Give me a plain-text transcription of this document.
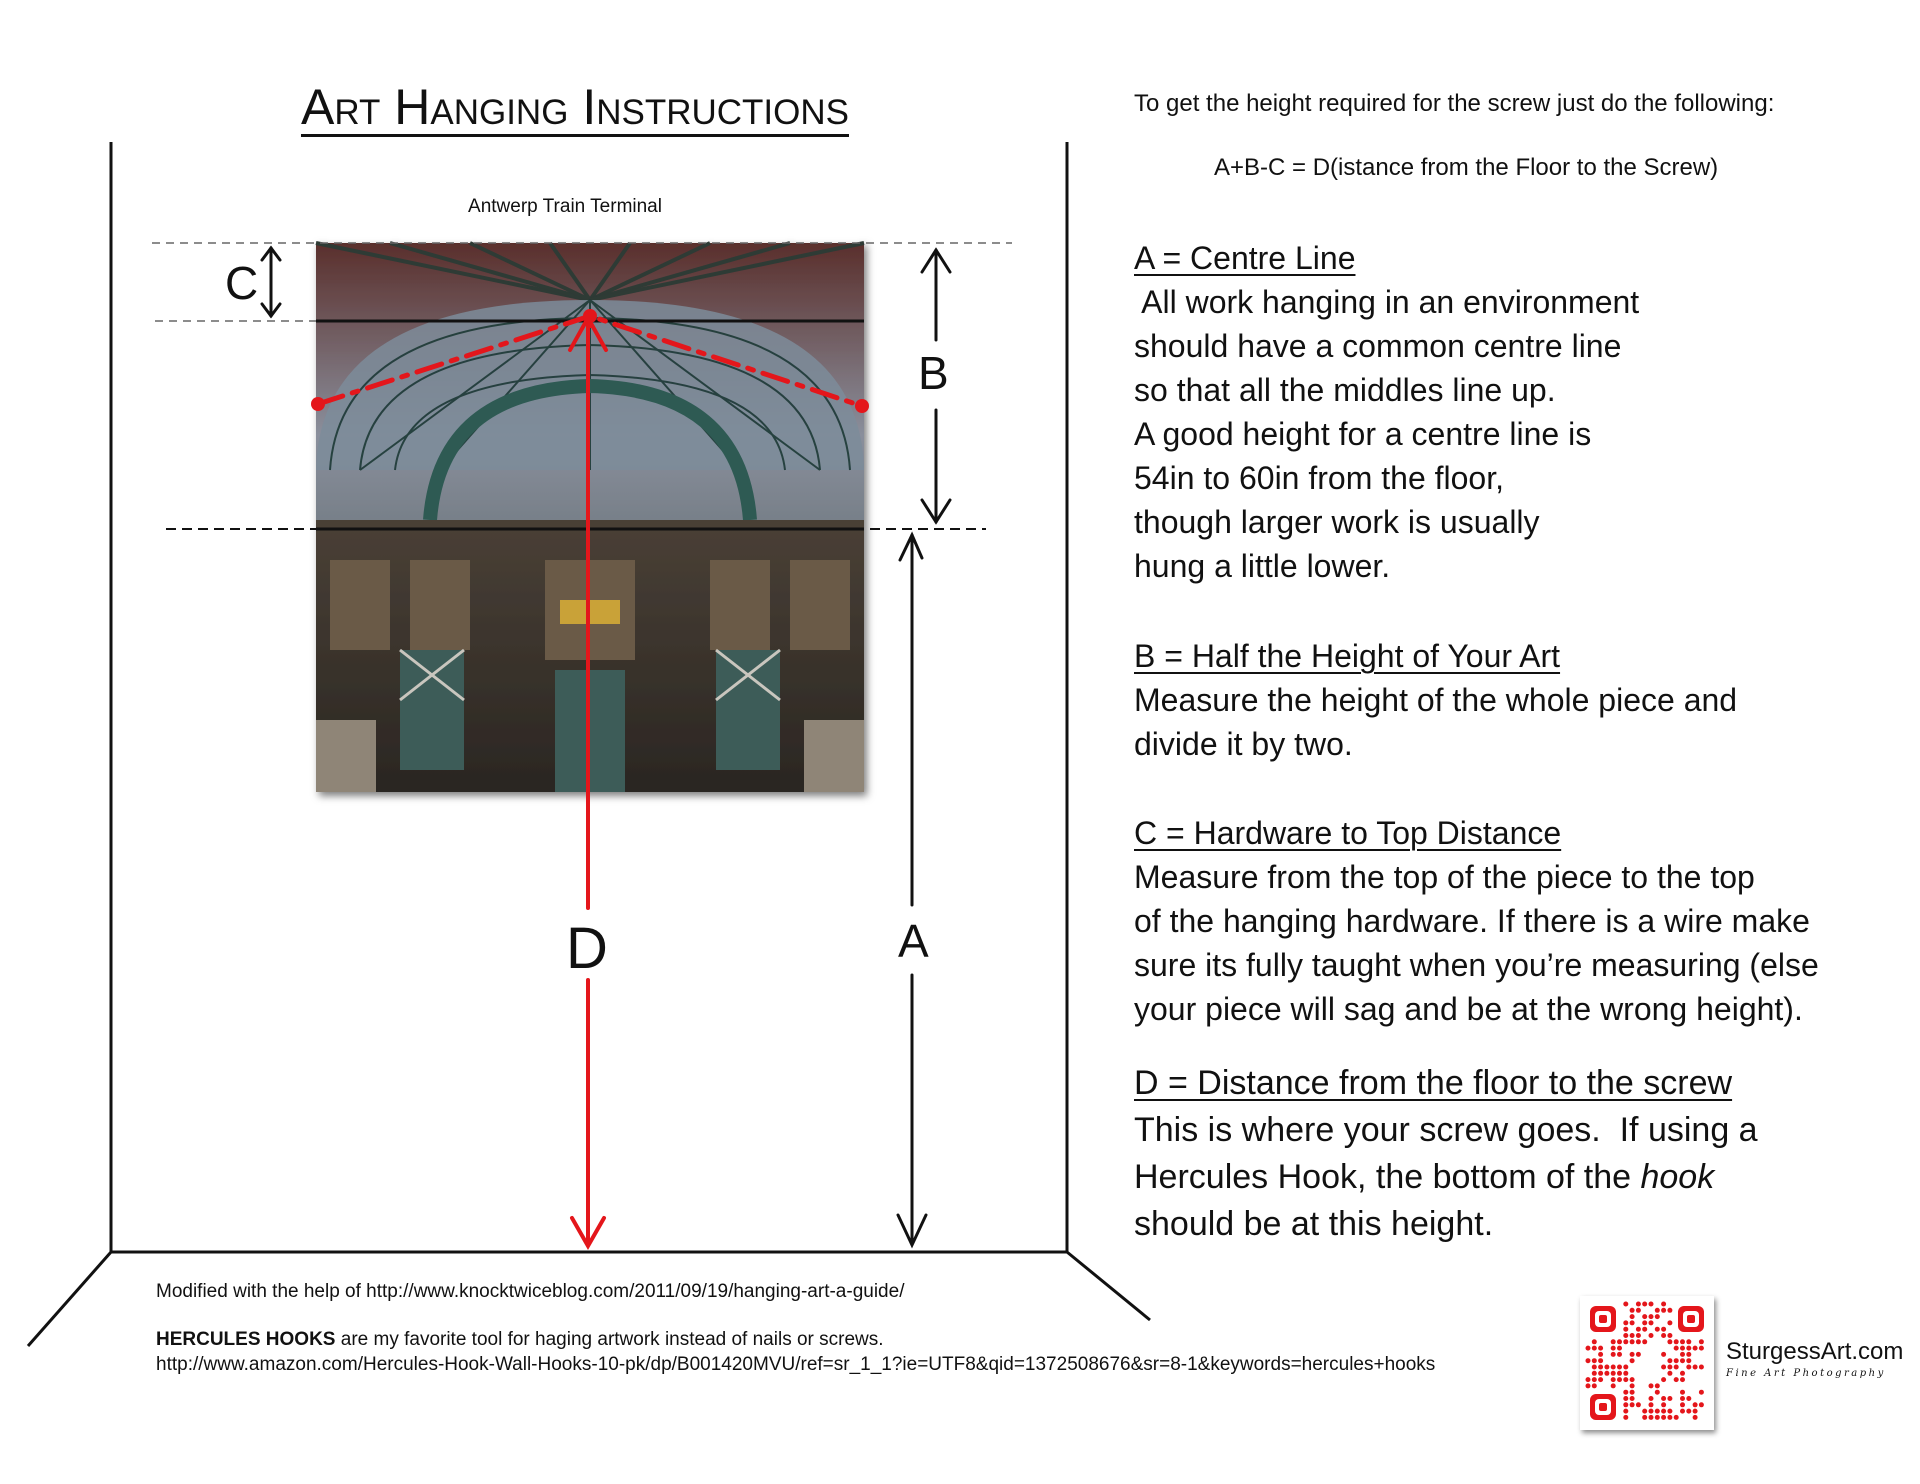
Art Hanging Instructions
Antwerp Train Terminal
C
B
D	A
To get the height required for the screw just do the following:
A+B-C = D(istance from the Floor to the Screw)
A = Centre Line
All work hanging in an environment
should have a common centre line
so that all the middles line up.
A good height for a centre line is
54in to 60in from the floor,
though larger work is usually
hung a little lower.
B = Half the Height of Your Art
Measure the height of the whole piece and
divide it by two.
C = Hardware to Top Distance
Measure from the top of the piece to the top
of the hanging hardware. If there is a wire make
sure its fully taught when you’re measuring (else
your piece will sag and be at the wrong height).
D = Distance from the floor to the screw
This is where your screw goes.  If using a
Hercules Hook, the bottom of the hook
should be at this height.
Modified with the help of http://www.knocktwiceblog.com/2011/09/19/hanging-art-a-guide/
HERCULES HOOKS are my favorite tool for haging artwork instead of nails or screws.
http://www.amazon.com/Hercules-Hook-Wall-Hooks-10-pk/dp/B001420MVU/ref=sr_1_1?ie=UTF8&qid=1372508676&sr=8-1&keywords=hercules+hooks	SturgessArt.com
Fine Art Photography
